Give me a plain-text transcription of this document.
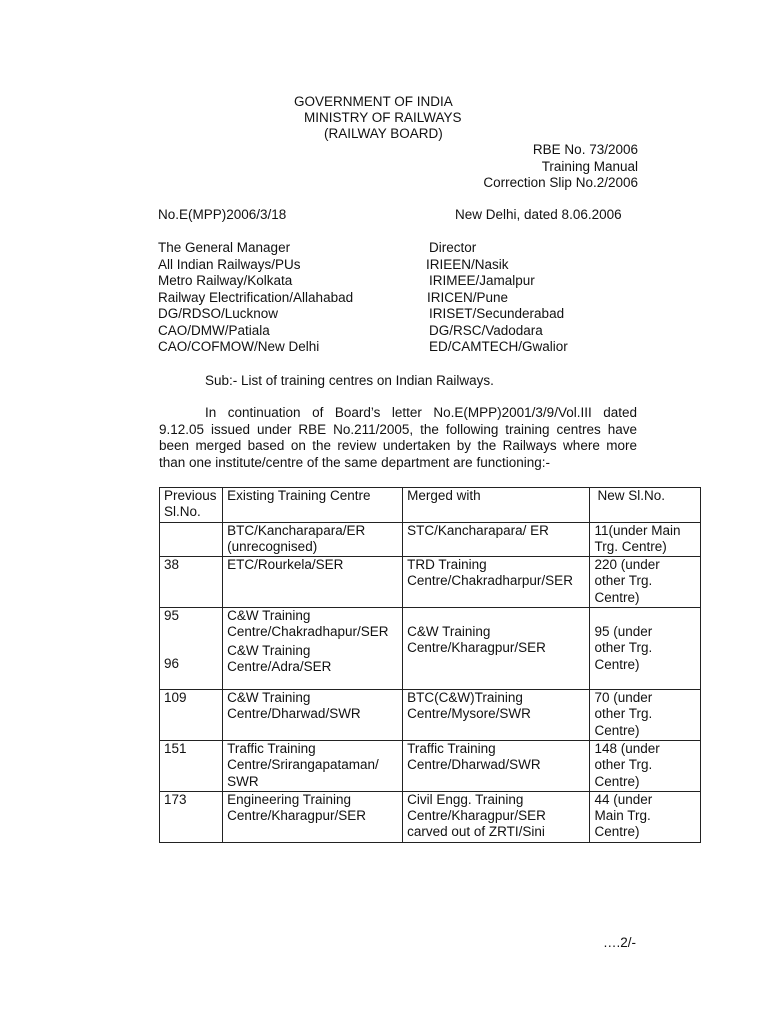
GOVERNMENT OF INDIA
MINISTRY OF RAILWAYS
(RAILWAY BOARD)
RBE No. 73/2006
Training Manual
Correction Slip No.2/2006
No.E(MPP)2006/3/18	New Delhi, dated 8.06.2006
The General Manager
All Indian Railways/PUs
Metro Railway/Kolkata
Railway Electrification/Allahabad
DG/RDSO/Lucknow
CAO/DMW/Patiala
CAO/COFMOW/New Delhi
Director
IRIEEN/Nasik
IRIMEE/Jamalpur
IRICEN/Pune
IRISET/Secunderabad
DG/RSC/Vadodara
ED/CAMTECH/Gwalior
Sub:- List of training centres on Indian Railways.
In continuation of Board’s letter No.E(MPP)2001/3/9/Vol.III dated
9.12.05 issued under RBE No.211/2005, the following training centres have
been merged based on the review undertaken by the Railways where more
than one institute/centre of the same department are functioning:-
Previous
Sl.No.	Existing Training Centre	Merged with	New Sl.No.
	BTC/Kancharapara/ER
(unrecognised)	STC/Kancharapara/ ER	11(under Main
Trg. Centre)
38	ETC/Rourkela/SER	TRD Training
Centre/Chakradharpur/SER	220 (under
other Trg.
Centre)

95
96	C&W Training
Centre/Chakradhapur/SER
C&W Training
Centre/Adra/SER	C&W Training
Centre/Kharagpur/SER	95 (under
other Trg.
Centre)

109	C&W Training
Centre/Dharwad/SWR	BTC(C&W)Training
Centre/Mysore/SWR	70 (under
other Trg.
Centre)
151	Traffic Training
Centre/Srirangapataman/
SWR	Traffic Training
Centre/Dharwad/SWR	148 (under
other Trg.
Centre)
173	Engineering Training
Centre/Kharagpur/SER	Civil Engg. Training
Centre/Kharagpur/SER
carved out of ZRTI/Sini	44 (under
Main Trg.
Centre)
….2/-
